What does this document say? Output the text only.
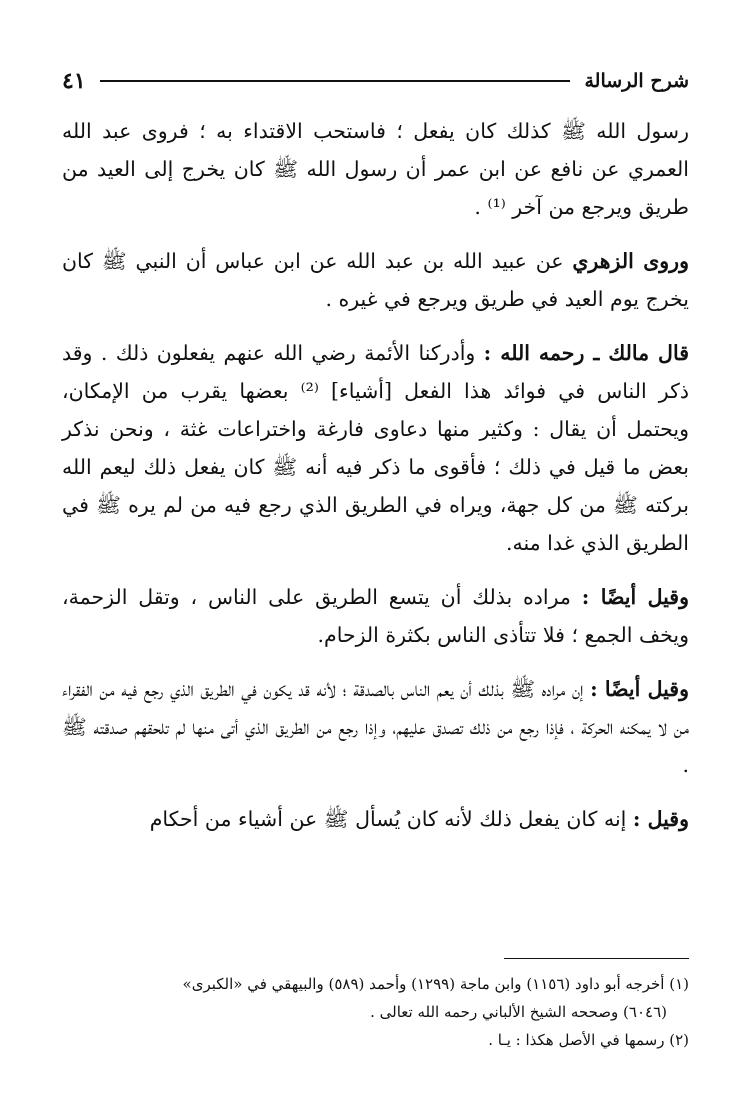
شرح الرسالة
٤١

رسول الله ﷺ كذلك كان يفعل ؛ فاستحب الاقتداء به ؛ فروى عبد الله العمري عن نافع عن ابن عمر أن رسول الله ﷺ كان يخرج إلى العيد من طريق ويرجع من آخر ⁽¹⁾ .

وروى الزهري عن عبيد الله بن عبد الله عن ابن عباس أن النبي ﷺ كان يخرج يوم العيد في طريق ويرجع في غيره .

قال مالك ـ رحمه الله : وأدركنا الأئمة رضي الله عنهم يفعلون ذلك . وقد ذكر الناس في فوائد هذا الفعل [أشياء] ⁽²⁾ بعضها يقرب من الإمكان، ويحتمل أن يقال : وكثير منها دعاوى فارغة واختراعات غثة ، ونحن نذكر بعض ما قيل في ذلك ؛ فأقوى ما ذكر فيه أنه ﷺ كان يفعل ذلك ليعم الله بركته ﷺ من كل جهة، ويراه في الطريق الذي رجع فيه من لم يره ﷺ في الطريق الذي غدا منه.

وقيل أيضًا : مراده بذلك أن يتسع الطريق على الناس ، وتقل الزحمة، ويخف الجمع ؛ فلا تتأذى الناس بكثرة الزحام.

وقيل أيضًا : إن مراده ﷺ بذلك أن يعم الناس بالصدقة ؛ لأنه قد يكون في الطريق الذي رجع فيه من الفقراء من لا يمكنه الحركة ، فإذا رجع من ذلك تصدق عليهم، وإذا رجع من الطريق الذي أتى منها لم تلحقهم صدقته ﷺ .

وقيل : إنه كان يفعل ذلك لأنه كان يُسأل ﷺ عن أشياء من أحكام

(١) أخرجه أبو داود (١١٥٦) وابن ماجة (١٢٩٩) وأحمد (٥٨٩) والبيهقي في «الكبرى»

(٦٠٤٦) وصححه الشيخ الألباني رحمه الله تعالى .

(٢) رسمها في الأصل هكذا : يـا .
